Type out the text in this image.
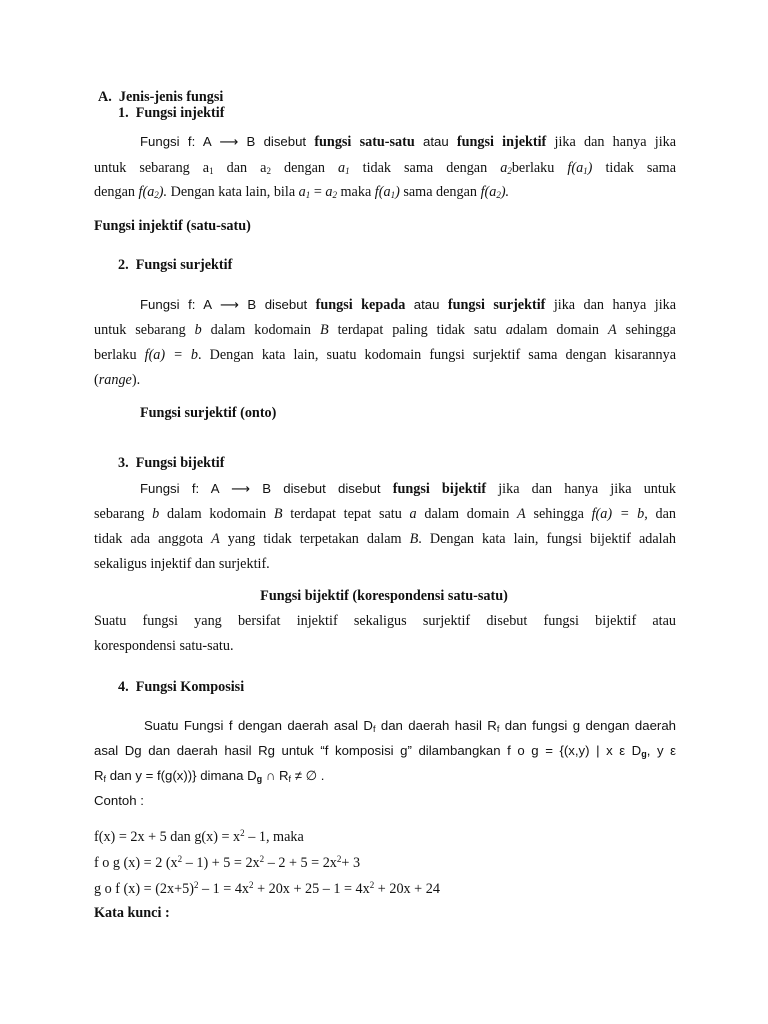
A. Jenis-jenis fungsi
1. Fungsi injektif
Fungsi f: A ⟶ B disebut fungsi satu-satu atau fungsi injektif jika dan hanya jika
untuk sebarang $a_1$ dan $a_2$ dengan $a_1$ tidak sama dengan $a_2berlaku$ $f(a_1)$ tidak sama
dengan $f(a_2)$. Dengan kata lain, bila $a_1 = a_2$ maka $f(a_1)$ sama dengan $f(a_2)$.
Fungsi injektif (satu-satu)
2. Fungsi surjektif
Fungsi f: A ⟶ B disebut fungsi kepada atau fungsi surjektif jika dan hanya jika
untuk sebarang b dalam kodomain B terdapat paling tidak satu adalam domain A sehingga
berlaku f(a) = b. Dengan kata lain, suatu kodomain fungsi surjektif sama dengan kisarannya
(range).
Fungsi surjektif (onto)
3. Fungsi bijektif
Fungsi f: A ⟶ B disebut disebut fungsi bijektif jika dan hanya jika untuk
sebarang b dalam kodomain B terdapat tepat satu a dalam domain A sehingga f(a) = b, dan
tidak ada anggota A yang tidak terpetakan dalam B. Dengan kata lain, fungsi bijektif adalah
sekaligus injektif dan surjektif.
Fungsi bijektif (korespondensi satu-satu)
Suatu fungsi yang bersifat injektif sekaligus surjektif disebut fungsi bijektif atau
korespondensi satu-satu.
4. Fungsi Komposisi
Suatu Fungsi f dengan daerah asal $D_f$ dan daerah hasil $R_f$ dan fungsi g dengan daerah
asal Dg dan daerah hasil Rg untuk “f komposisi g” dilambangkan f o g = {(x,y) | x ε $D_g$, y ε
$R_f$ dan y = f(g(x))} dimana $D_g$ ∩ $R_f$ ≠ ∅ .
Contoh :
f(x) = 2x + 5 dan $g(x) = x^2 - 1$, maka
f o g (x) = 2 $(x^2 - 1) + 5 = 2x^2 - 2 + 5 = 2x^2+ 3$
g o f $(x) = (2x+5)^2 - 1 = 4x^2 + 20x + 25 - 1 = 4x^2 + 20x + 24$
Kata kunci :
